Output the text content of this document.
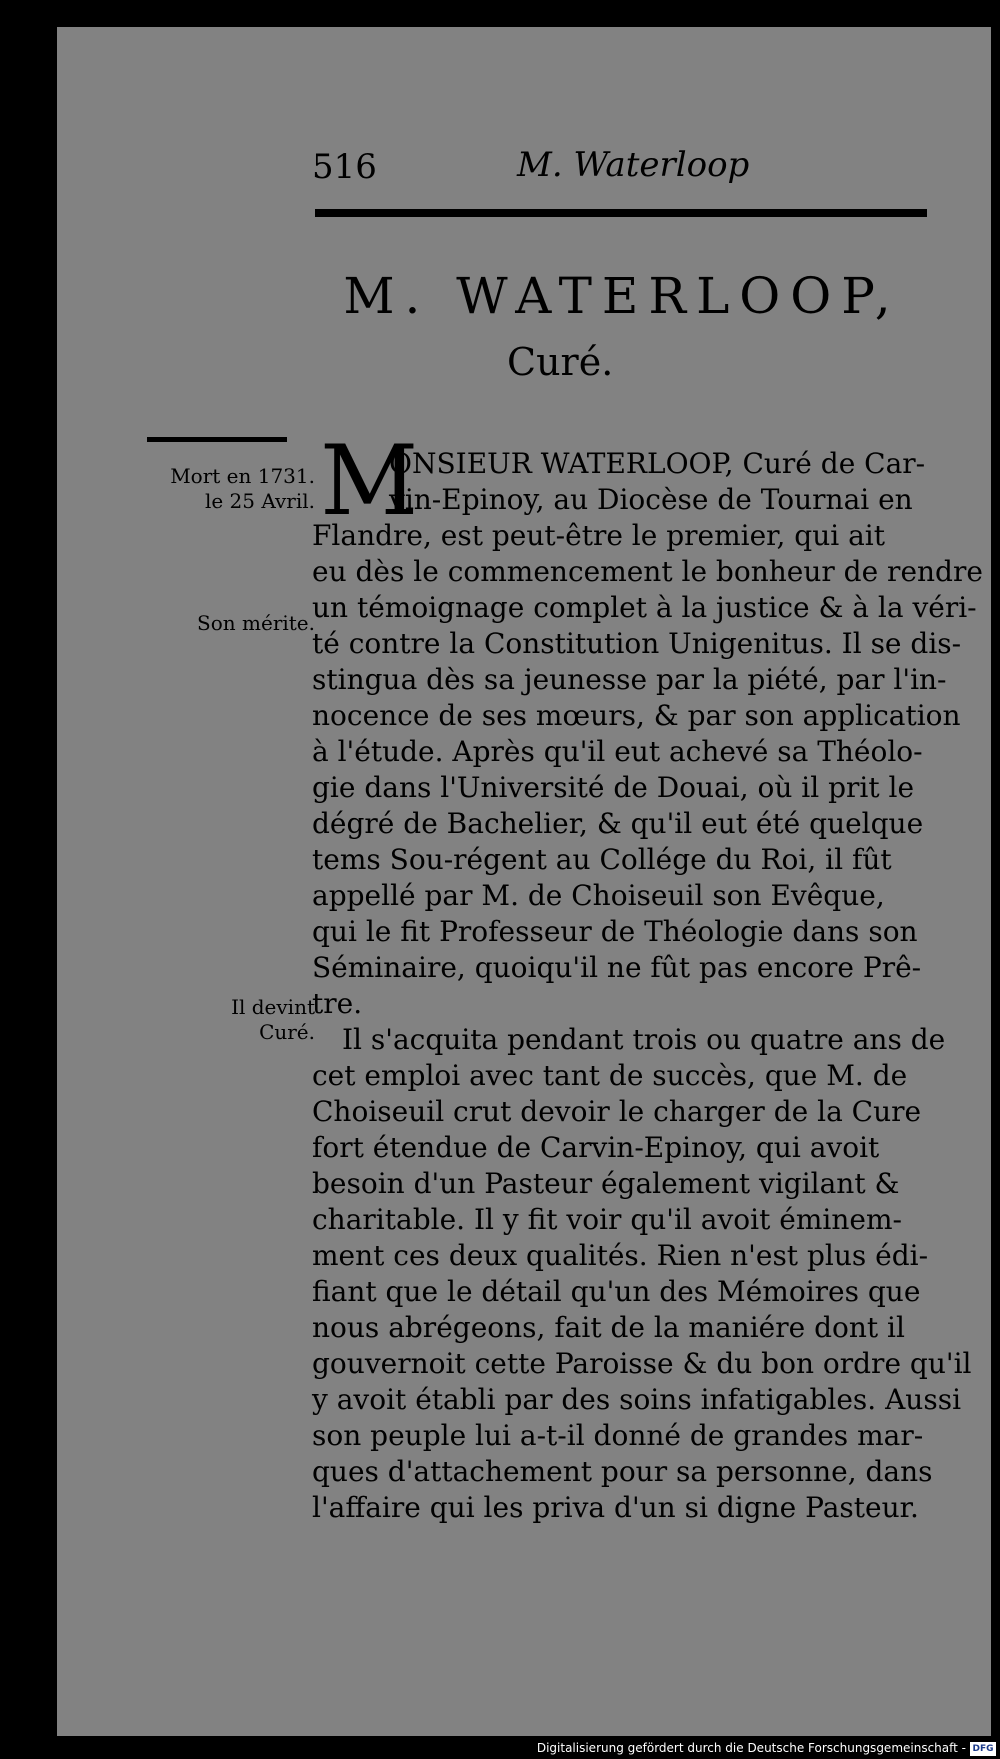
516	M. Waterloop
M. WATERLOOP,
Curé.
Mort en 1731.
le 25 Avril.
Son mérite.
Il devint
Curé.
M
ONSIEUR WATERLOOP, Curé de Car-
vin-Epinoy, au Diocèse de Tournai en
Flandre, est peut-être le premier, qui ait
eu dès le commencement le bonheur de rendre
un témoignage complet à la justice & à la véri-
té contre la Constitution Unigenitus. Il se dis-
stingua dès sa jeunesse par la piété, par l'in-
nocence de ses mœurs, & par son application
à l'étude. Après qu'il eut achevé sa Théolo-
gie dans l'Université de Douai, où il prit le
dégré de Bachelier, & qu'il eut été quelque
tems Sou-régent au Collége du Roi, il fût
appellé par M. de Choiseuil son Evêque,
qui le fit Professeur de Théologie dans son
Séminaire, quoiqu'il ne fût pas encore Prê-
tre.
Il s'acquita pendant trois ou quatre ans de
cet emploi avec tant de succès, que M. de
Choiseuil crut devoir le charger de la Cure
fort étendue de Carvin-Epinoy, qui avoit
besoin d'un Pasteur également vigilant &
charitable. Il y fit voir qu'il avoit éminem-
ment ces deux qualités. Rien n'est plus édi-
fiant que le détail qu'un des Mémoires que
nous abrégeons, fait de la maniére dont il
gouvernoit cette Paroisse & du bon ordre qu'il
y avoit établi par des soins infatigables. Aussi
son peuple lui a-t-il donné de grandes mar-
ques d'attachement pour sa personne, dans
l'affaire qui les priva d'un si digne Pasteur.
Digitalisierung gefördert durch die Deutsche Forschungsgemeinschaft - DFG
